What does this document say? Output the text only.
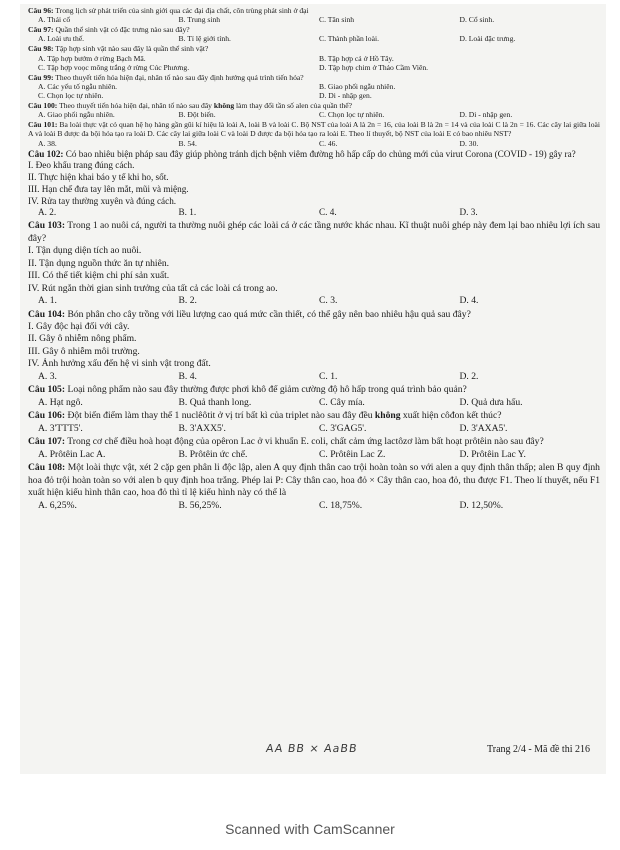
Câu 96: Trong lịch sử phát triển của sinh giới qua các đại địa chất, côn trùng phát sinh ở đại
A. Thái cổ	B. Trung sinh	C. Tân sinh	D. Cổ sinh.
Câu 97: Quần thể sinh vật có đặc trưng nào sau đây?
A. Loài ưu thế.	B. Tỉ lệ giới tính.	C. Thành phần loài.	D. Loài đặc trưng.
Câu 98: Tập hợp sinh vật nào sau đây là quần thể sinh vật?
A. Tập hợp bướm ở rừng Bạch Mã.	B. Tập hợp cá ở Hồ Tây.
C. Tập hợp voọc mông trắng ở rừng Cúc Phương.	D. Tập hợp chim ở Thảo Cầm Viên.
Câu 99: Theo thuyết tiến hóa hiện đại, nhân tố nào sau đây định hướng quá trình tiến hóa?
A. Các yếu tố ngẫu nhiên.	B. Giao phối ngẫu nhiên.
C. Chọn lọc tự nhiên.	D. Di - nhập gen.
Câu 100: Theo thuyết tiến hóa hiện đại, nhân tố nào sau đây không làm thay đổi tần số alen của quần thể?
A. Giao phối ngẫu nhiên.	B. Đột biến.	C. Chọn lọc tự nhiên.	D. Di - nhập gen.
Câu 101: Ba loài thực vật có quan hệ họ hàng gần gũi kí hiệu là loài A, loài B và loài C. Bộ NST của loài A là 2n = 16, của loài B là 2n = 14 và của loài C là 2n = 16. Các cây lai giữa loài A và loài B được đa bội hóa tạo ra loài D. Các cây lai giữa loài C và loài D được đa bội hóa tạo ra loài E. Theo lí thuyết, bộ NST của loài E có bao nhiêu NST?
A. 38.	B. 54.	C. 46.	D. 30.
Câu 102: Có bao nhiêu biện pháp sau đây giúp phòng tránh dịch bệnh viêm đường hô hấp cấp do chủng mới của virut Corona (COVID - 19) gây ra?
I. Đeo khẩu trang đúng cách.
II. Thực hiện khai báo y tế khi ho, sốt.
III. Hạn chế đưa tay lên mắt, mũi và miệng.
IV. Rửa tay thường xuyên và đúng cách.
A. 2.	B. 1.	C. 4.	D. 3.
Câu 103: Trong 1 ao nuôi cá, người ta thường nuôi ghép các loài cá ở các tầng nước khác nhau. Kĩ thuật nuôi ghép này đem lại bao nhiêu lợi ích sau đây?
I. Tận dụng diện tích ao nuôi.
II. Tận dụng nguồn thức ăn tự nhiên.
III. Có thể tiết kiệm chi phí sản xuất.
IV. Rút ngắn thời gian sinh trưởng của tất cả các loài cá trong ao.
A. 1.	B. 2.	C. 3.	D. 4.
Câu 104: Bón phân cho cây trồng với liều lượng cao quá mức cần thiết, có thể gây nên bao nhiêu hậu quả sau đây?
I. Gây độc hại đối với cây.
II. Gây ô nhiễm nông phẩm.
III. Gây ô nhiễm môi trường.
IV. Ảnh hưởng xấu đến hệ vi sinh vật trong đất.
A. 3.	B. 4.	C. 1.	D. 2.
Câu 105: Loại nông phẩm nào sau đây thường được phơi khô để giảm cường độ hô hấp trong quá trình bảo quản?
A. Hạt ngô.	B. Quả thanh long.	C. Cây mía.	D. Quả dưa hấu.
Câu 106: Đột biến điểm làm thay thế 1 nuclêôtit ở vị trí bất kì của triplet nào sau đây đều không xuất hiện côđon kết thúc?
A. 3'TTT5'.	B. 3'AXX5'.	C. 3'GAG5'.	D. 3'AXA5'.
Câu 107: Trong cơ chế điều hoà hoạt động của opêron Lac ở vi khuẩn E. coli, chất cảm ứng lactôzơ làm bất hoạt prôtêin nào sau đây?
A. Prôtêin Lac A.	B. Prôtêin ức chế.	C. Prôtêin Lac Z.	D. Prôtêin Lac Y.
Câu 108: Một loài thực vật, xét 2 cặp gen phân li độc lập, alen A quy định thân cao trội hoàn toàn so với alen a quy định thân thấp; alen B quy định hoa đỏ trội hoàn toàn so với alen b quy định hoa trắng. Phép lai P: Cây thân cao, hoa đỏ × Cây thân cao, hoa đỏ, thu được F1. Theo lí thuyết, nếu F1 xuất hiện kiểu hình thân cao, hoa đỏ thì tỉ lệ kiểu hình này có thể là
A. 6,25%.	B. 56,25%.	C. 18,75%.	D. 12,50%.
AA BB × AaBB	Trang 2/4 - Mã đề thi 216
Scanned with CamScanner
